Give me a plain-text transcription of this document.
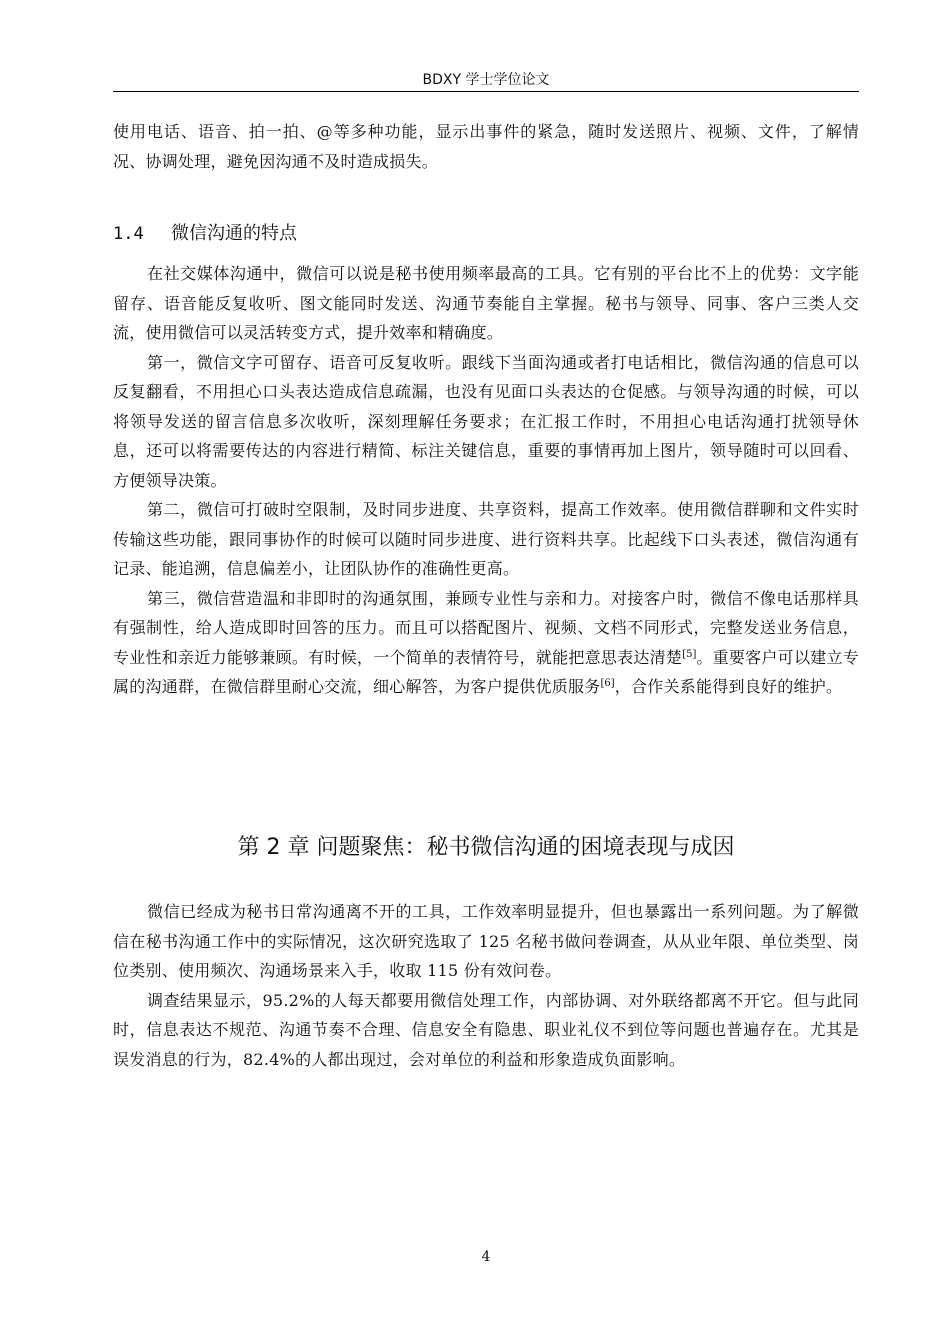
BDXY 学士学位论文

使用电话、语音、拍一拍、@等多种功能，显示出事件的紧急，随时发送照片、视频、文件，了解情况、协调处理，避免因沟通不及时造成损失。

1.4 微信沟通的特点

在社交媒体沟通中，微信可以说是秘书使用频率最高的工具。它有别的平台比不上的优势：文字能留存、语音能反复收听、图文能同时发送、沟通节奏能自主掌握。秘书与领导、同事、客户三类人交流，使用微信可以灵活转变方式，提升效率和精确度。

第一，微信文字可留存、语音可反复收听。跟线下当面沟通或者打电话相比，微信沟通的信息可以反复翻看，不用担心口头表达造成信息疏漏，也没有见面口头表达的仓促感。与领导沟通的时候，可以将领导发送的留言信息多次收听，深刻理解任务要求；在汇报工作时，不用担心电话沟通打扰领导休息，还可以将需要传达的内容进行精简、标注关键信息，重要的事情再加上图片，领导随时可以回看、方便领导决策。

第二，微信可打破时空限制，及时同步进度、共享资料，提高工作效率。使用微信群聊和文件实时传输这些功能，跟同事协作的时候可以随时同步进度、进行资料共享。比起线下口头表述，微信沟通有记录、能追溯，信息偏差小，让团队协作的准确性更高。

第三，微信营造温和非即时的沟通氛围，兼顾专业性与亲和力。对接客户时，微信不像电话那样具有强制性，给人造成即时回答的压力。而且可以搭配图片、视频、文档不同形式，完整发送业务信息，专业性和亲近力能够兼顾。有时候，一个简单的表情符号，就能把意思表达清楚[5]。重要客户可以建立专属的沟通群，在微信群里耐心交流，细心解答，为客户提供优质服务[6]，合作关系能得到良好的维护。

第 2 章 问题聚焦：秘书微信沟通的困境表现与成因

微信已经成为秘书日常沟通离不开的工具，工作效率明显提升，但也暴露出一系列问题。为了解微信在秘书沟通工作中的实际情况，这次研究选取了 125 名秘书做问卷调查，从从业年限、单位类型、岗位类别、使用频次、沟通场景来入手，收取 115 份有效问卷。

调查结果显示，95.2%的人每天都要用微信处理工作，内部协调、对外联络都离不开它。但与此同时，信息表达不规范、沟通节奏不合理、信息安全有隐患、职业礼仪不到位等问题也普遍存在。尤其是误发消息的行为，82.4%的人都出现过，会对单位的利益和形象造成负面影响。

4
